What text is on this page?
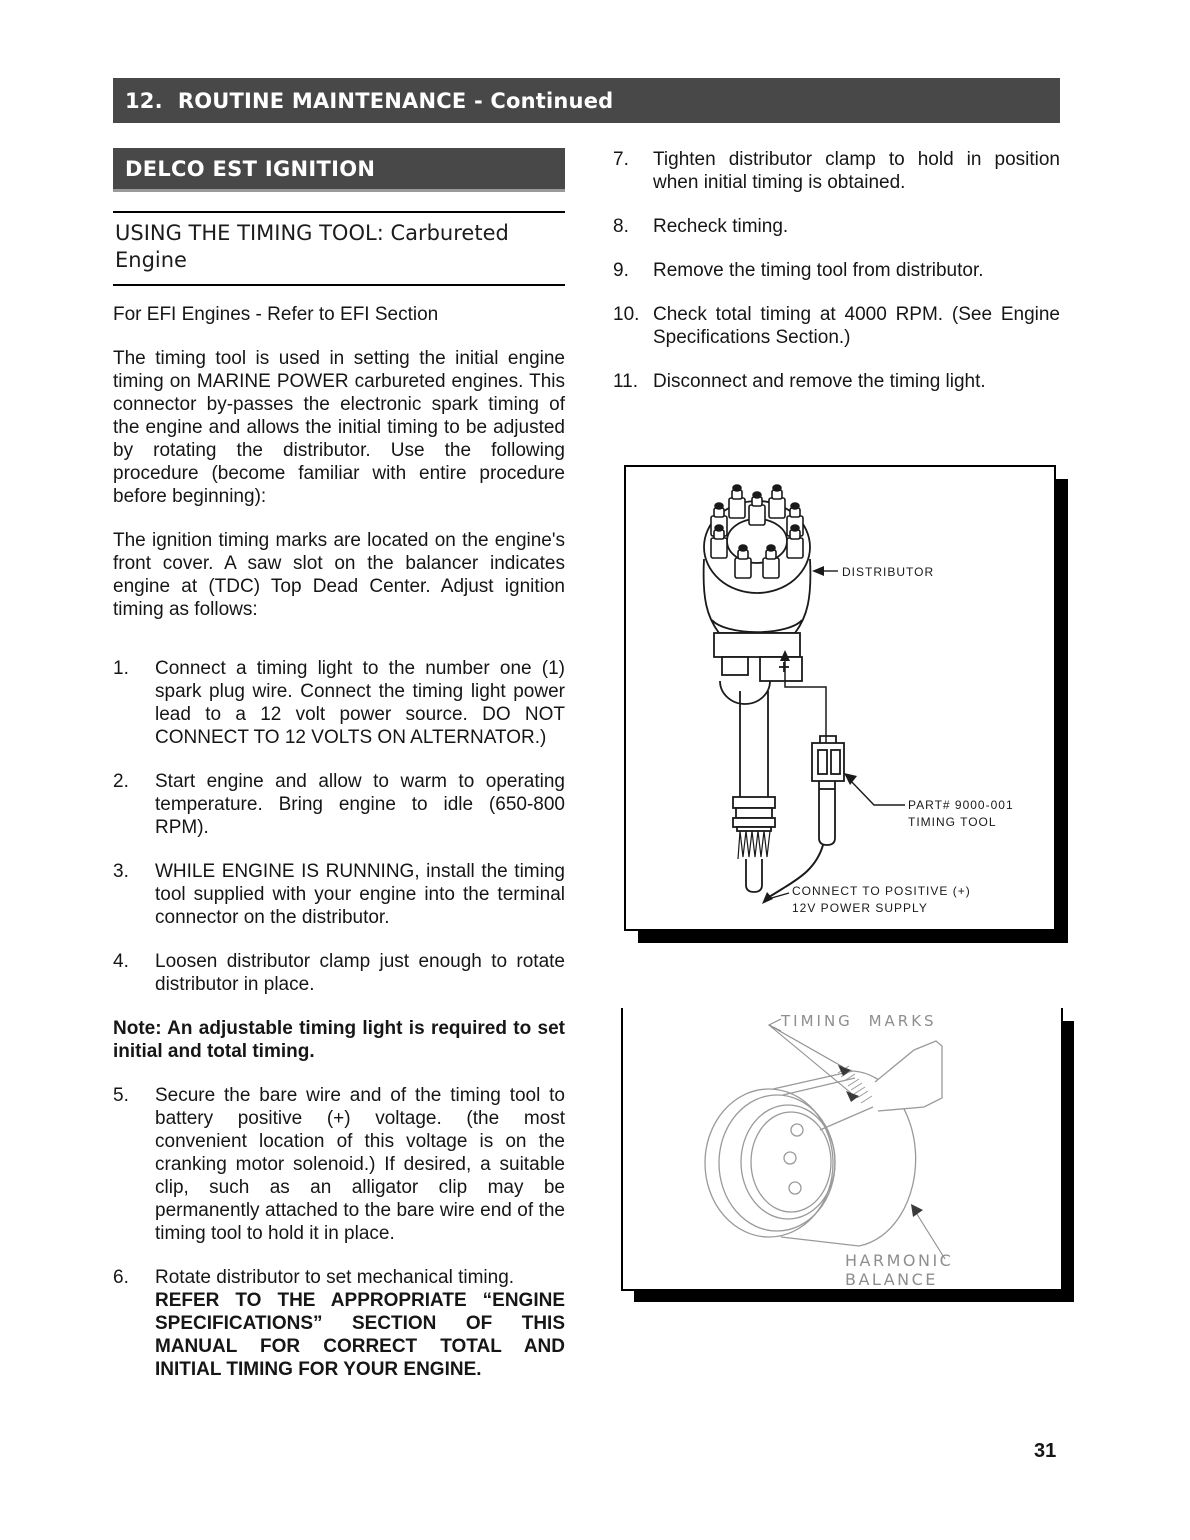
12.  ROUTINE MAINTENANCE - Continued
DELCO EST IGNITION
USING THE TIMING TOOL: Carbureted Engine

For EFI Engines - Refer to EFI Section

The timing tool is used in setting the initial engine timing on MARINE POWER carbureted engines. This connector by-passes the electronic spark timing of the engine and allows the initial timing to be adjusted by rotating the distributor. Use the following procedure (become familiar with entire procedure before beginning):

The ignition timing marks are located on the engine's front cover. A saw slot on the balancer indicates engine at (TDC) Top Dead Center. Adjust ignition timing as follows:

1.	Connect a timing light to the number one (1) spark plug wire. Connect the timing light power lead to a 12 volt power source. DO NOT CONNECT TO 12 VOLTS ON ALTERNATOR.)
2.	Start engine and allow to warm to operating temperature. Bring engine to idle (650-800 RPM).
3.	WHILE ENGINE IS RUNNING, install the timing tool supplied with your engine into the terminal connector on the distributor.
4.	Loosen distributor clamp just enough to rotate distributor in place.

Note: An adjustable timing light is required to set initial and total timing.

5.	Secure the bare wire and of the timing tool to battery positive (+) voltage. (the most convenient location of this voltage is on the cranking motor solenoid.) If desired, a suitable clip, such as an alligator clip may be permanently attached to the bare wire end of the timing tool to hold it in place.
6.	Rotate distributor to set mechanical timing.
REFER TO THE APPROPRIATE “ENGINE SPECIFICATIONS” SECTION OF THIS MANUAL FOR CORRECT TOTAL AND INITIAL TIMING FOR YOUR ENGINE.
7.	Tighten distributor clamp to hold in position when initial timing is obtained.
8.	Recheck timing.
9.	Remove the timing tool from distributor.
10. Check total timing at 4000 RPM. (See Engine Specifications Section.)
11. Disconnect and remove the timing light.
DISTRIBUTOR
PART# 9000-001
TIMING TOOL
CONNECT TO POSITIVE (+)
12V POWER SUPPLY
TIMING MARKS
HARMONIC
BALANCE
31
